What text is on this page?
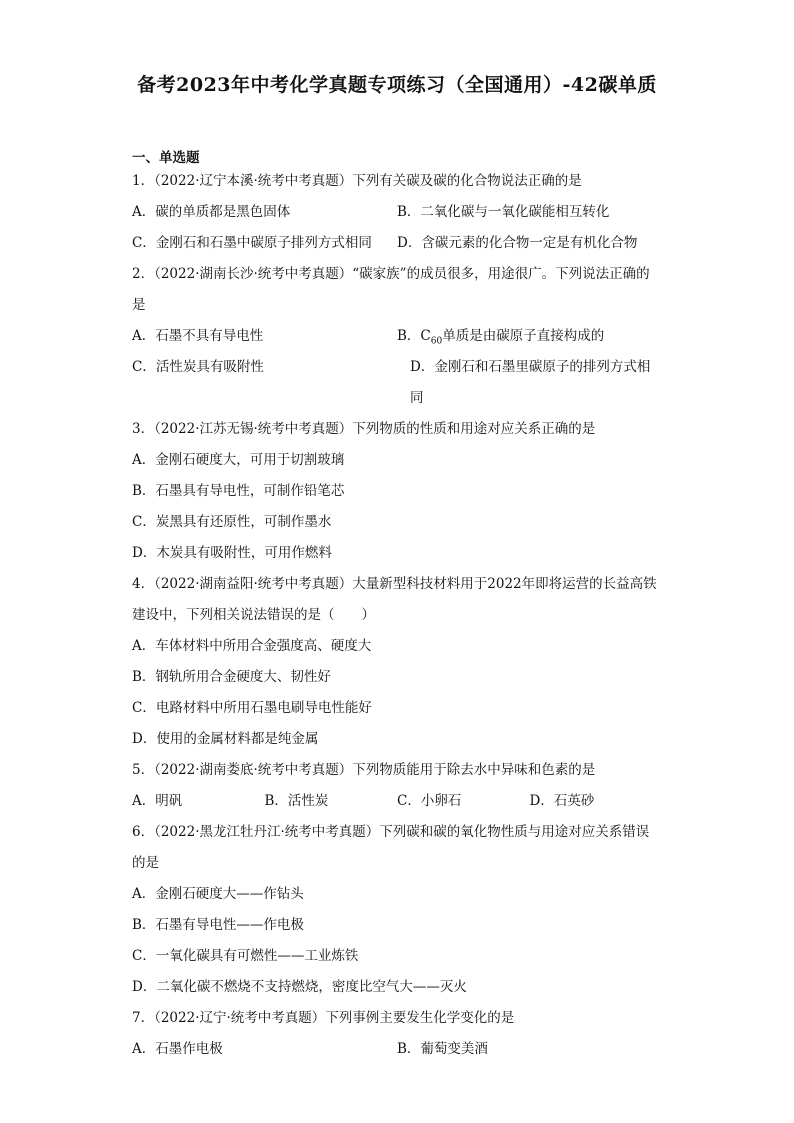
备考2023年中考化学真题专项练习（全国通用）-42碳单质
一、单选题
1．（2022·辽宁本溪·统考中考真题）下列有关碳及碳的化合物说法正确的是
A．碳的单质都是黑色固体	B．二氧化碳与一氧化碳能相互转化
C．金刚石和石墨中碳原子排列方式相同	D．含碳元素的化合物一定是有机化合物
2．（2022·湖南长沙·统考中考真题）“碳家族”的成员很多，用途很广。下列说法正确的
是
A．石墨不具有导电性	B．$C_{60}$单质是由碳原子直接构成的
C．活性炭具有吸附性	D．金刚石和石墨里碳原子的排列方式相同
3．（2022·江苏无锡·统考中考真题）下列物质的性质和用途对应关系正确的是
A．金刚石硬度大，可用于切割玻璃
B．石墨具有导电性，可制作铅笔芯
C．炭黑具有还原性，可制作墨水
D．木炭具有吸附性，可用作燃料
4．（2022·湖南益阳·统考中考真题）大量新型科技材料用于2022年即将运营的长益高铁
建设中，下列相关说法错误的是（　　）
A．车体材料中所用合金强度高、硬度大
B．钢轨所用合金硬度大、韧性好
C．电路材料中所用石墨电刷导电性能好
D．使用的金属材料都是纯金属
5．（2022·湖南娄底·统考中考真题）下列物质能用于除去水中异味和色素的是
A．明矾	B．活性炭	C．小卵石	D．石英砂
6．（2022·黑龙江牡丹江·统考中考真题）下列碳和碳的氧化物性质与用途对应关系错误
的是
A．金刚石硬度大——作钻头
B．石墨有导电性——作电极
C．一氧化碳具有可燃性——工业炼铁
D．二氧化碳不燃烧不支持燃烧，密度比空气大——灭火
7．（2022·辽宁·统考中考真题）下列事例主要发生化学变化的是
A．石墨作电极	B．葡萄变美酒
